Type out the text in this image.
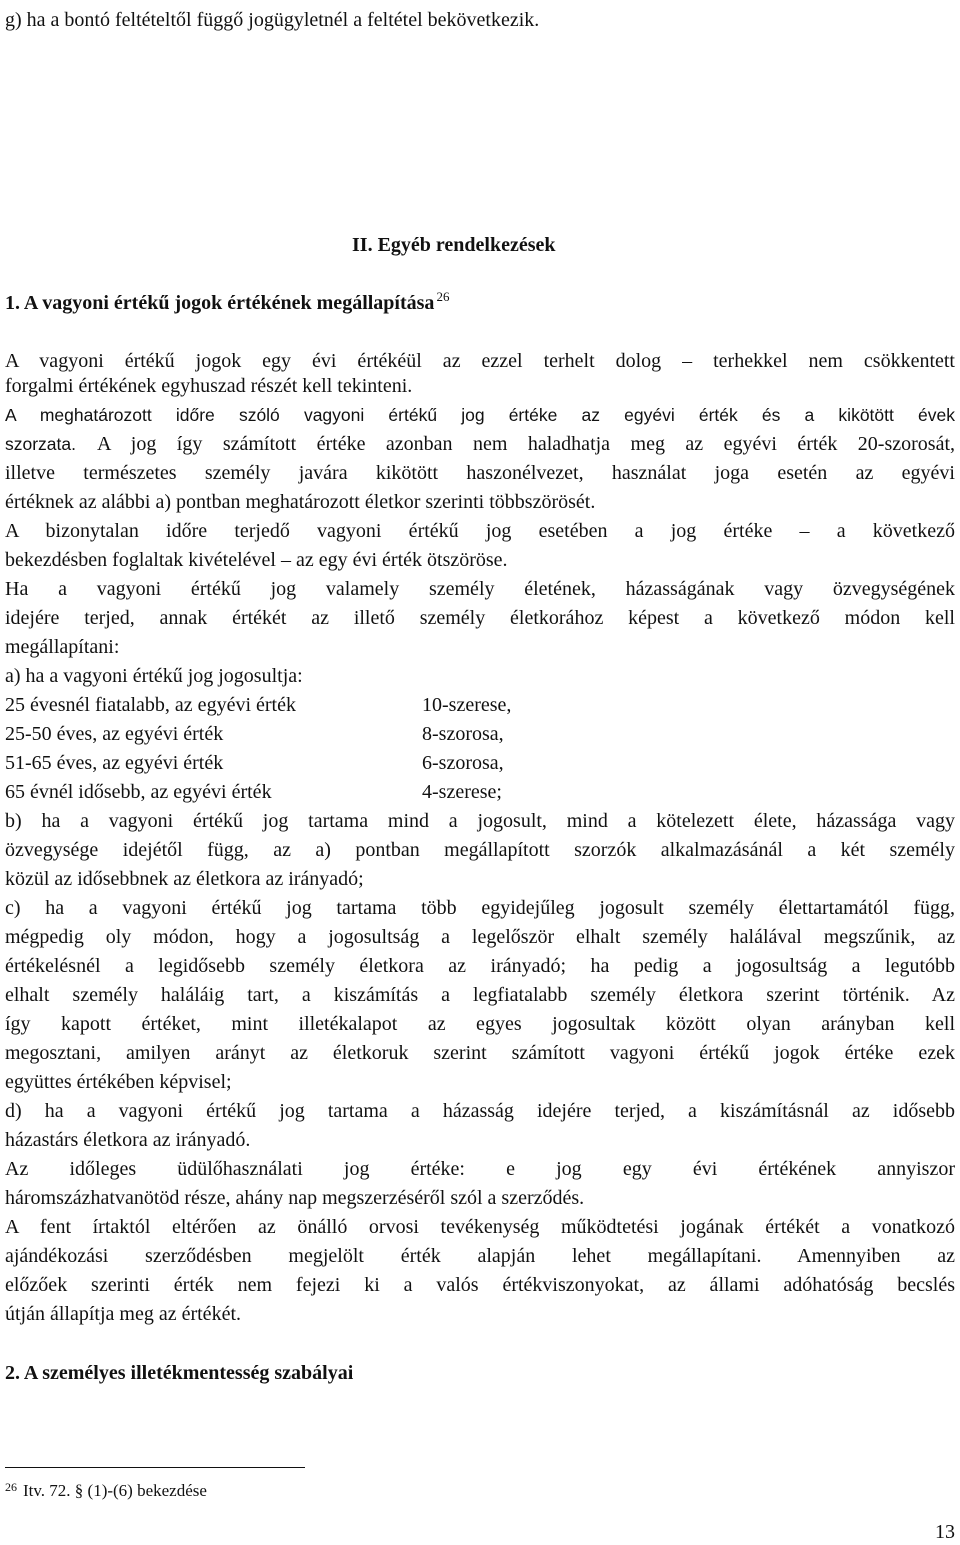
g) ha a bontó feltételtől függő jogügyletnél a feltétel bekövetkezik.
II. Egyéb rendelkezések
1. A vagyoni értékű jogok értékének megállapítása $^{26}$
A vagyoni értékű jogok egy évi értékéül az ezzel terhelt dolog – terhekkel nem csökkentett
forgalmi értékének egyhuszad részét kell tekinteni.
A meghatározott időre szóló vagyoni értékű jog értéke az egyévi érték és a kikötött évek
szorzata. A jog így számított értéke azonban nem haladhatja meg az egyévi érték 20-szorosát,
illetve természetes személy javára kikötött haszonélvezet, használat joga esetén az egyévi
értéknek az alábbi a) pontban meghatározott életkor szerinti többszörösét.
A bizonytalan időre terjedő vagyoni értékű jog esetében a jog értéke – a következő
bekezdésben foglaltak kivételével – az egy évi érték ötszöröse.
Ha a vagyoni értékű jog valamely személy életének, házasságának vagy özvegységének
idejére terjed, annak értékét az illető személy életkorához képest a következő módon kell
megállapítani:
a) ha a vagyoni értékű jog jogosultja:
25 évesnél fiatalabb, az egyévi érték	10-szerese,
25-50 éves, az egyévi érték	8-szorosa,
51-65 éves, az egyévi érték	6-szorosa,
65 évnél idősebb, az egyévi érték	4-szerese;
b) ha a vagyoni értékű jog tartama mind a jogosult, mind a kötelezett élete, házassága vagy
özvegysége idejétől függ, az a) pontban megállapított szorzók alkalmazásánál a két személy
közül az idősebbnek az életkora az irányadó;
c) ha a vagyoni értékű jog tartama több egyidejűleg jogosult személy élettartamától függ,
mégpedig oly módon, hogy a jogosultság a legelőször elhalt személy halálával megszűnik, az
értékelésnél a legidősebb személy életkora az irányadó; ha pedig a jogosultság a legutóbb
elhalt személy haláláig tart, a kiszámítás a legfiatalabb személy életkora szerint történik. Az
így kapott értéket, mint illetékalapot az egyes jogosultak között olyan arányban kell
megosztani, amilyen arányt az életkoruk szerint számított vagyoni értékű jogok értéke ezek
együttes értékében képvisel;
d) ha a vagyoni értékű jog tartama a házasság idejére terjed, a kiszámításnál az idősebb
házastárs életkora az irányadó.
Az időleges üdülőhasználati jog értéke: e jog egy évi értékének annyiszor
háromszázhatvanötöd része, ahány nap megszerzéséről szól a szerződés.
A fent írtaktól eltérően az önálló orvosi tevékenység működtetési jogának értékét a vonatkozó
ajándékozási szerződésben megjelölt érték alapján lehet megállapítani. Amennyiben az
előzőek szerinti érték nem fejezi ki a valós értékviszonyokat, az állami adóhatóság becslés
útján állapítja meg az értékét.
2. A személyes illetékmentesség szabályai
$^{26}$ Itv. 72. § (1)-(6) bekezdése
13
